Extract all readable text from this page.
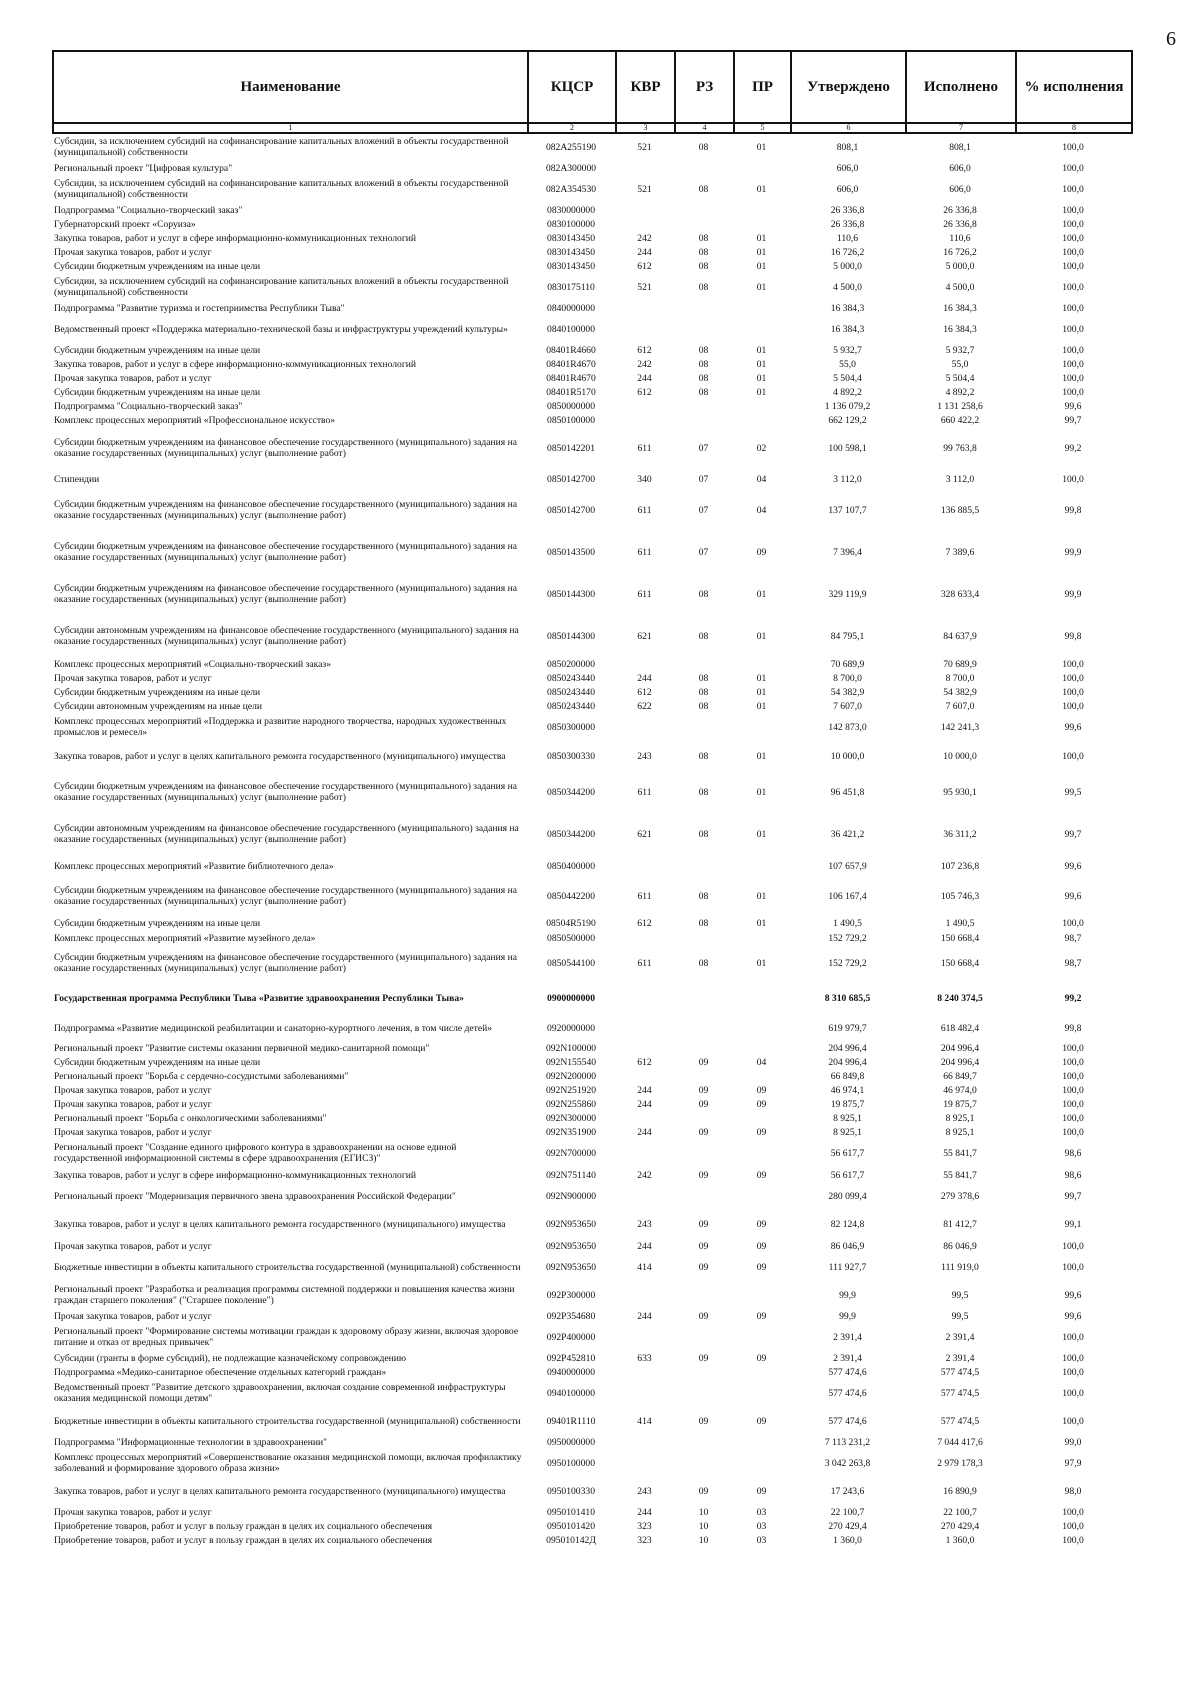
6
Наименование	КЦСР	КВР	РЗ	ПР	Утверждено	Исполнено	% исполнения
1	2	3	4	5	6	7	8
Субсидии, за исключением субсидий на софинансирование капитальных вложений в объекты государственной (муниципальной) собственности	082A255190	521	08	01	808,1	808,1	100,0
Региональный проект "Цифровая культура"	082A300000				606,0	606,0	100,0
Субсидии, за исключением субсидий на софинансирование капитальных вложений в объекты государственной (муниципальной) собственности	082A354530	521	08	01	606,0	606,0	100,0
Подпрограмма "Социально-творческий заказ"	0830000000				26 336,8	26 336,8	100,0
Губернаторский проект «Соруиза»	0830100000				26 336,8	26 336,8	100,0
Закупка товаров, работ и услуг в сфере информационно-коммуникационных технологий	0830143450	242	08	01	110,6	110,6	100,0
Прочая закупка товаров, работ и услуг	0830143450	244	08	01	16 726,2	16 726,2	100,0
Субсидии бюджетным учреждениям на иные цели	0830143450	612	08	01	5 000,0	5 000,0	100,0
Субсидии, за исключением субсидий на софинансирование капитальных вложений в объекты государственной (муниципальной) собственности	0830175110	521	08	01	4 500,0	4 500,0	100,0
Подпрограмма "Развитие туризма и гостеприимства Республики Тыва"	0840000000				16 384,3	16 384,3	100,0
Ведомственный проект «Поддержка материально-технической базы и инфраструктуры учреждений культуры»	0840100000				16 384,3	16 384,3	100,0
Субсидии бюджетным учреждениям на иные цели	08401R4660	612	08	01	5 932,7	5 932,7	100,0
Закупка товаров, работ и услуг в сфере информационно-коммуникационных технологий	08401R4670	242	08	01	55,0	55,0	100,0
Прочая закупка товаров, работ и услуг	08401R4670	244	08	01	5 504,4	5 504,4	100,0
Субсидии бюджетным учреждениям на иные цели	08401R5170	612	08	01	4 892,2	4 892,2	100,0
Подпрограмма "Социально-творческий заказ"	0850000000				1 136 079,2	1 131 258,6	99,6
Комплекс процессных мероприятий «Профессиональное искусство»	0850100000				662 129,2	660 422,2	99,7
Субсидии бюджетным учреждениям на финансовое обеспечение государственного (муниципального) задания на оказание государственных (муниципальных) услуг (выполнение работ)	0850142201	611	07	02	100 598,1	99 763,8	99,2
Стипендии	0850142700	340	07	04	3 112,0	3 112,0	100,0
Субсидии бюджетным учреждениям на финансовое обеспечение государственного (муниципального) задания на оказание государственных (муниципальных) услуг (выполнение работ)	0850142700	611	07	04	137 107,7	136 885,5	99,8
Субсидии бюджетным учреждениям на финансовое обеспечение государственного (муниципального) задания на оказание государственных (муниципальных) услуг (выполнение работ)	0850143500	611	07	09	7 396,4	7 389,6	99,9
Субсидии бюджетным учреждениям на финансовое обеспечение государственного (муниципального) задания на оказание государственных (муниципальных) услуг (выполнение работ)	0850144300	611	08	01	329 119,9	328 633,4	99,9
Субсидии автономным учреждениям на финансовое обеспечение государственного (муниципального) задания на оказание государственных (муниципальных) услуг (выполнение работ)	0850144300	621	08	01	84 795,1	84 637,9	99,8
Комплекс процессных мероприятий «Социально-творческий заказ»	0850200000				70 689,9	70 689,9	100,0
Прочая закупка товаров, работ и услуг	0850243440	244	08	01	8 700,0	8 700,0	100,0
Субсидии бюджетным учреждениям на иные цели	0850243440	612	08	01	54 382,9	54 382,9	100,0
Субсидии автономным учреждениям на иные цели	0850243440	622	08	01	7 607,0	7 607,0	100,0
Комплекс процессных мероприятий «Поддержка и развитие народного творчества, народных художественных промыслов и ремесел»	0850300000				142 873,0	142 241,3	99,6
Закупка товаров, работ и услуг в целях капитального ремонта государственного (муниципального) имущества	0850300330	243	08	01	10 000,0	10 000,0	100,0
Субсидии бюджетным учреждениям на финансовое обеспечение государственного (муниципального) задания на оказание государственных (муниципальных) услуг (выполнение работ)	0850344200	611	08	01	96 451,8	95 930,1	99,5
Субсидии автономным учреждениям на финансовое обеспечение государственного (муниципального) задания на оказание государственных (муниципальных) услуг (выполнение работ)	0850344200	621	08	01	36 421,2	36 311,2	99,7
Комплекс процессных мероприятий «Развитие библиотечного дела»	0850400000				107 657,9	107 236,8	99,6
Субсидии бюджетным учреждениям на финансовое обеспечение государственного (муниципального) задания на оказание государственных (муниципальных) услуг (выполнение работ)	0850442200	611	08	01	106 167,4	105 746,3	99,6
Субсидии бюджетным учреждениям на иные цели	08504R5190	612	08	01	1 490,5	1 490,5	100,0
Комплекс процессных мероприятий «Развитие музейного дела»	0850500000				152 729,2	150 668,4	98,7
Субсидии бюджетным учреждениям на финансовое обеспечение государственного (муниципального) задания на оказание государственных (муниципальных) услуг (выполнение работ)	0850544100	611	08	01	152 729,2	150 668,4	98,7
Государственная программа Республики Тыва «Развитие здравоохранения Республики Тыва»	0900000000				8 310 685,5	8 240 374,5	99,2
Подпрограмма «Развитие медицинской реабилитации и санаторно-курортного лечения, в том числе детей»	0920000000				619 979,7	618 482,4	99,8
Региональный проект "Развитие системы оказания первичной медико-санитарной помощи"	092N100000				204 996,4	204 996,4	100,0
Субсидии бюджетным учреждениям на иные цели	092N155540	612	09	04	204 996,4	204 996,4	100,0
Региональный проект "Борьба с сердечно-сосудистыми заболеваниями"	092N200000				66 849,8	66 849,7	100,0
Прочая закупка товаров, работ и услуг	092N251920	244	09	09	46 974,1	46 974,0	100,0
Прочая закупка товаров, работ и услуг	092N255860	244	09	09	19 875,7	19 875,7	100,0
Региональный проект "Борьба с онкологическими заболеваниями"	092N300000				8 925,1	8 925,1	100,0
Прочая закупка товаров, работ и услуг	092N351900	244	09	09	8 925,1	8 925,1	100,0
Региональный проект "Создание единого цифрового контура в здравоохранении на основе единой государственной информационной системы в сфере здравоохранения (ЕГИСЗ)"	092N700000				56 617,7	55 841,7	98,6
Закупка товаров, работ и услуг в сфере информационно-коммуникационных технологий	092N751140	242	09	09	56 617,7	55 841,7	98,6
Региональный проект "Модернизация первичного звена здравоохранения Российской Федерации"	092N900000				280 099,4	279 378,6	99,7
Закупка товаров, работ и услуг в целях капитального ремонта государственного (муниципального) имущества	092N953650	243	09	09	82 124,8	81 412,7	99,1
Прочая закупка товаров, работ и услуг	092N953650	244	09	09	86 046,9	86 046,9	100,0
Бюджетные инвестиции в объекты капитального строительства государственной (муниципальной) собственности	092N953650	414	09	09	111 927,7	111 919,0	100,0
Региональный проект "Разработка и реализация программы системной поддержки и повышения качества жизни граждан старшего поколения" ("Старшее поколение")	092P300000				99,9	99,5	99,6
Прочая закупка товаров, работ и услуг	092P354680	244	09	09	99,9	99,5	99,6
Региональный проект "Формирование системы мотивации граждан к здоровому образу жизни, включая здоровое питание и отказ от вредных привычек"	092P400000				2 391,4	2 391,4	100,0
Субсидии (гранты в форме субсидий), не подлежащие казначейскому сопровождению	092P452810	633	09	09	2 391,4	2 391,4	100,0
Подпрограмма «Медико-санитарное обеспечение отдельных категорий граждан»	0940000000				577 474,6	577 474,5	100,0
Ведомственный проект "Развитие детского здравоохранения, включая создание современной инфраструктуры оказания медицинской помощи детям"	0940100000				577 474,6	577 474,5	100,0
Бюджетные инвестиции в объекты капитального строительства государственной (муниципальной) собственности	09401R1110	414	09	09	577 474,6	577 474,5	100,0
Подпрограмма "Информационные технологии в здравоохранении"	0950000000				7 113 231,2	7 044 417,6	99,0
Комплекс процессных мероприятий «Совершенствование оказания медицинской помощи, включая профилактику заболеваний и формирование здорового образа жизни»	0950100000				3 042 263,8	2 979 178,3	97,9
Закупка товаров, работ и услуг в целях капитального ремонта государственного (муниципального) имущества	0950100330	243	09	09	17 243,6	16 890,9	98,0
Прочая закупка товаров, работ и услуг	0950101410	244	10	03	22 100,7	22 100,7	100,0
Приобретение товаров, работ и услуг в пользу граждан в целях их социального обеспечения	0950101420	323	10	03	270 429,4	270 429,4	100,0
Приобретение товаров, работ и услуг в пользу граждан в целях их социального обеспечения	095010142Д	323	10	03	1 360,0	1 360,0	100,0
